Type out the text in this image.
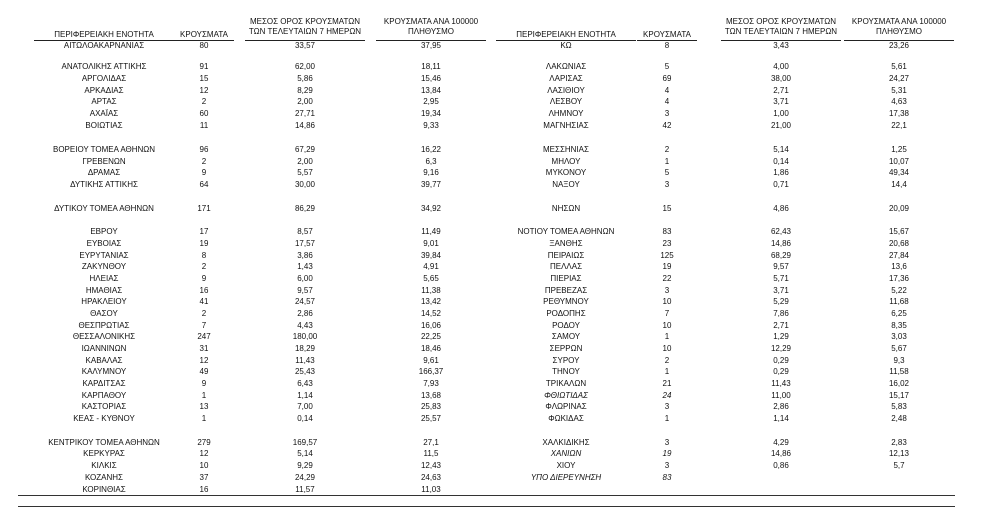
ΠΕΡΙΦΕΡΕΙΑΚΗ ΕΝΟΤΗΤΑ	ΚΡΟΥΣΜΑΤΑ
ΜΕΣΟΣ ΟΡΟΣ ΚΡΟΥΣΜΑΤΩΝ
ΤΩΝ ΤΕΛΕΥΤΑΙΩΝ 7 ΗΜΕΡΩΝ
ΚΡΟΥΣΜΑΤΑ ΑΝΑ 100000
ΠΛΗΘΥΣΜΟ
ΑΙΤΩΛΟΑΚΑΡΝΑΝΙΑΣ	80	33,57	37,95
ΑΝΑΤΟΛΙΚΗΣ ΑΤΤΙΚΗΣ	91	62,00	18,11
ΑΡΓΟΛΙΔΑΣ	15	5,86	15,46
ΑΡΚΑΔΙΑΣ	12	8,29	13,84
ΑΡΤΑΣ	2	2,00	2,95
ΑΧΑΪΑΣ	60	27,71	19,34
ΒΟΙΩΤΙΑΣ	11	14,86	9,33
ΒΟΡΕΙΟΥ ΤΟΜΕΑ ΑΘΗΝΩΝ	96	67,29	16,22
ΓΡΕΒΕΝΩΝ	2	2,00	6,3
ΔΡΑΜΑΣ	9	5,57	9,16
ΔΥΤΙΚΗΣ ΑΤΤΙΚΗΣ	64	30,00	39,77
ΔΥΤΙΚΟΥ ΤΟΜΕΑ ΑΘΗΝΩΝ	171	86,29	34,92
ΕΒΡΟΥ	17	8,57	11,49
ΕΥΒΟΙΑΣ	19	17,57	9,01
ΕΥΡΥΤΑΝΙΑΣ	8	3,86	39,84
ΖΑΚΥΝΘΟΥ	2	1,43	4,91
ΗΛΕΙΑΣ	9	6,00	5,65
ΗΜΑΘΙΑΣ	16	9,57	11,38
ΗΡΑΚΛΕΙΟΥ	41	24,57	13,42
ΘΑΣΟΥ	2	2,86	14,52
ΘΕΣΠΡΩΤΙΑΣ	7	4,43	16,06
ΘΕΣΣΑΛΟΝΙΚΗΣ	247	180,00	22,25
ΙΩΑΝΝΙΝΩΝ	31	18,29	18,46
ΚΑΒΑΛΑΣ	12	11,43	9,61
ΚΑΛΥΜΝΟΥ	49	25,43	166,37
ΚΑΡΔΙΤΣΑΣ	9	6,43	7,93
ΚΑΡΠΑΘΟΥ	1	1,14	13,68
ΚΑΣΤΟΡΙΑΣ	13	7,00	25,83
ΚΕΑΣ - ΚΥΘΝΟΥ	1	0,14	25,57
ΚΕΝΤΡΙΚΟΥ ΤΟΜΕΑ ΑΘΗΝΩΝ	279	169,57	27,1
ΚΕΡΚΥΡΑΣ	12	5,14	11,5
ΚΙΛΚΙΣ	10	9,29	12,43
ΚΟΖΑΝΗΣ	37	24,29	24,63
ΚΟΡΙΝΘΙΑΣ	16	11,57	11,03
ΠΕΡΙΦΕΡΕΙΑΚΗ ΕΝΟΤΗΤΑ	ΚΡΟΥΣΜΑΤΑ
ΜΕΣΟΣ ΟΡΟΣ ΚΡΟΥΣΜΑΤΩΝ
ΤΩΝ ΤΕΛΕΥΤΑΙΩΝ 7 ΗΜΕΡΩΝ
ΚΡΟΥΣΜΑΤΑ ΑΝΑ 100000
ΠΛΗΘΥΣΜΟ
ΚΩ	8	3,43	23,26
ΛΑΚΩΝΙΑΣ	5	4,00	5,61
ΛΑΡΙΣΑΣ	69	38,00	24,27
ΛΑΣΙΘΙΟΥ	4	2,71	5,31
ΛΕΣΒΟΥ	4	3,71	4,63
ΛΗΜΝΟΥ	3	1,00	17,38
ΜΑΓΝΗΣΙΑΣ	42	21,00	22,1
ΜΕΣΣΗΝΙΑΣ	2	5,14	1,25
ΜΗΛΟΥ	1	0,14	10,07
ΜΥΚΟΝΟΥ	5	1,86	49,34
ΝΑΞΟΥ	3	0,71	14,4
ΝΗΣΩΝ	15	4,86	20,09
ΝΟΤΙΟΥ ΤΟΜΕΑ ΑΘΗΝΩΝ	83	62,43	15,67
ΞΑΝΘΗΣ	23	14,86	20,68
ΠΕΙΡΑΙΩΣ	125	68,29	27,84
ΠΕΛΛΑΣ	19	9,57	13,6
ΠΙΕΡΙΑΣ	22	5,71	17,36
ΠΡΕΒΕΖΑΣ	3	3,71	5,22
ΡΕΘΥΜΝΟΥ	10	5,29	11,68
ΡΟΔΟΠΗΣ	7	7,86	6,25
ΡΟΔΟΥ	10	2,71	8,35
ΣΑΜΟΥ	1	1,29	3,03
ΣΕΡΡΩΝ	10	12,29	5,67
ΣΥΡΟΥ	2	0,29	9,3
ΤΗΝΟΥ	1	0,29	11,58
ΤΡΙΚΑΛΩΝ	21	11,43	16,02
ΦΘΙΩΤΙΔΑΣ	24	11,00	15,17
ΦΛΩΡΙΝΑΣ	3	2,86	5,83
ΦΩΚΙΔΑΣ	1	1,14	2,48
ΧΑΛΚΙΔΙΚΗΣ	3	4,29	2,83
ΧΑΝΙΩΝ	19	14,86	12,13
ΧΙΟΥ	3	0,86	5,7
ΥΠΟ ΔΙΕΡΕΥΝΗΣΗ	83
